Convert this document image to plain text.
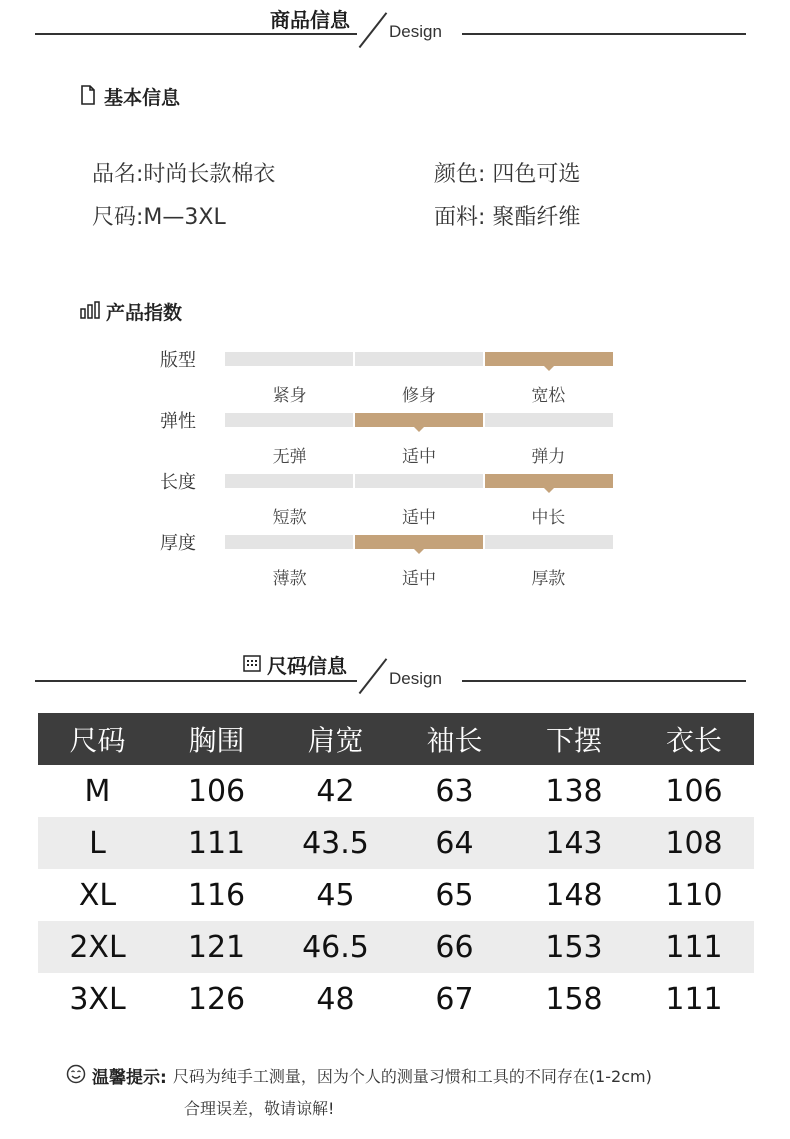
商品信息 Design
基本信息
品名:时尚长款棉衣	颜色: 四色可选
尺码:M—3XL	面料: 聚酯纤维
产品指数
版型
紧身	修身	宽松
弹性
无弹	适中	弹力
长度
短款	适中	中长
厚度
薄款	适中	厚款
尺码信息
Design
尺码	胸围	肩宽	袖长	下摆	衣长
M	106	42	63	138	106
L	111	43.5	64	143	108
XL	116	45	65	148	110
2XL	121	46.5	66	153	111
3XL	126	48	67	158	111
温馨提示: 尺码为纯手工测量，因为个人的测量习惯和工具的不同存在(1-2cm)
合理误差，敬请谅解!
